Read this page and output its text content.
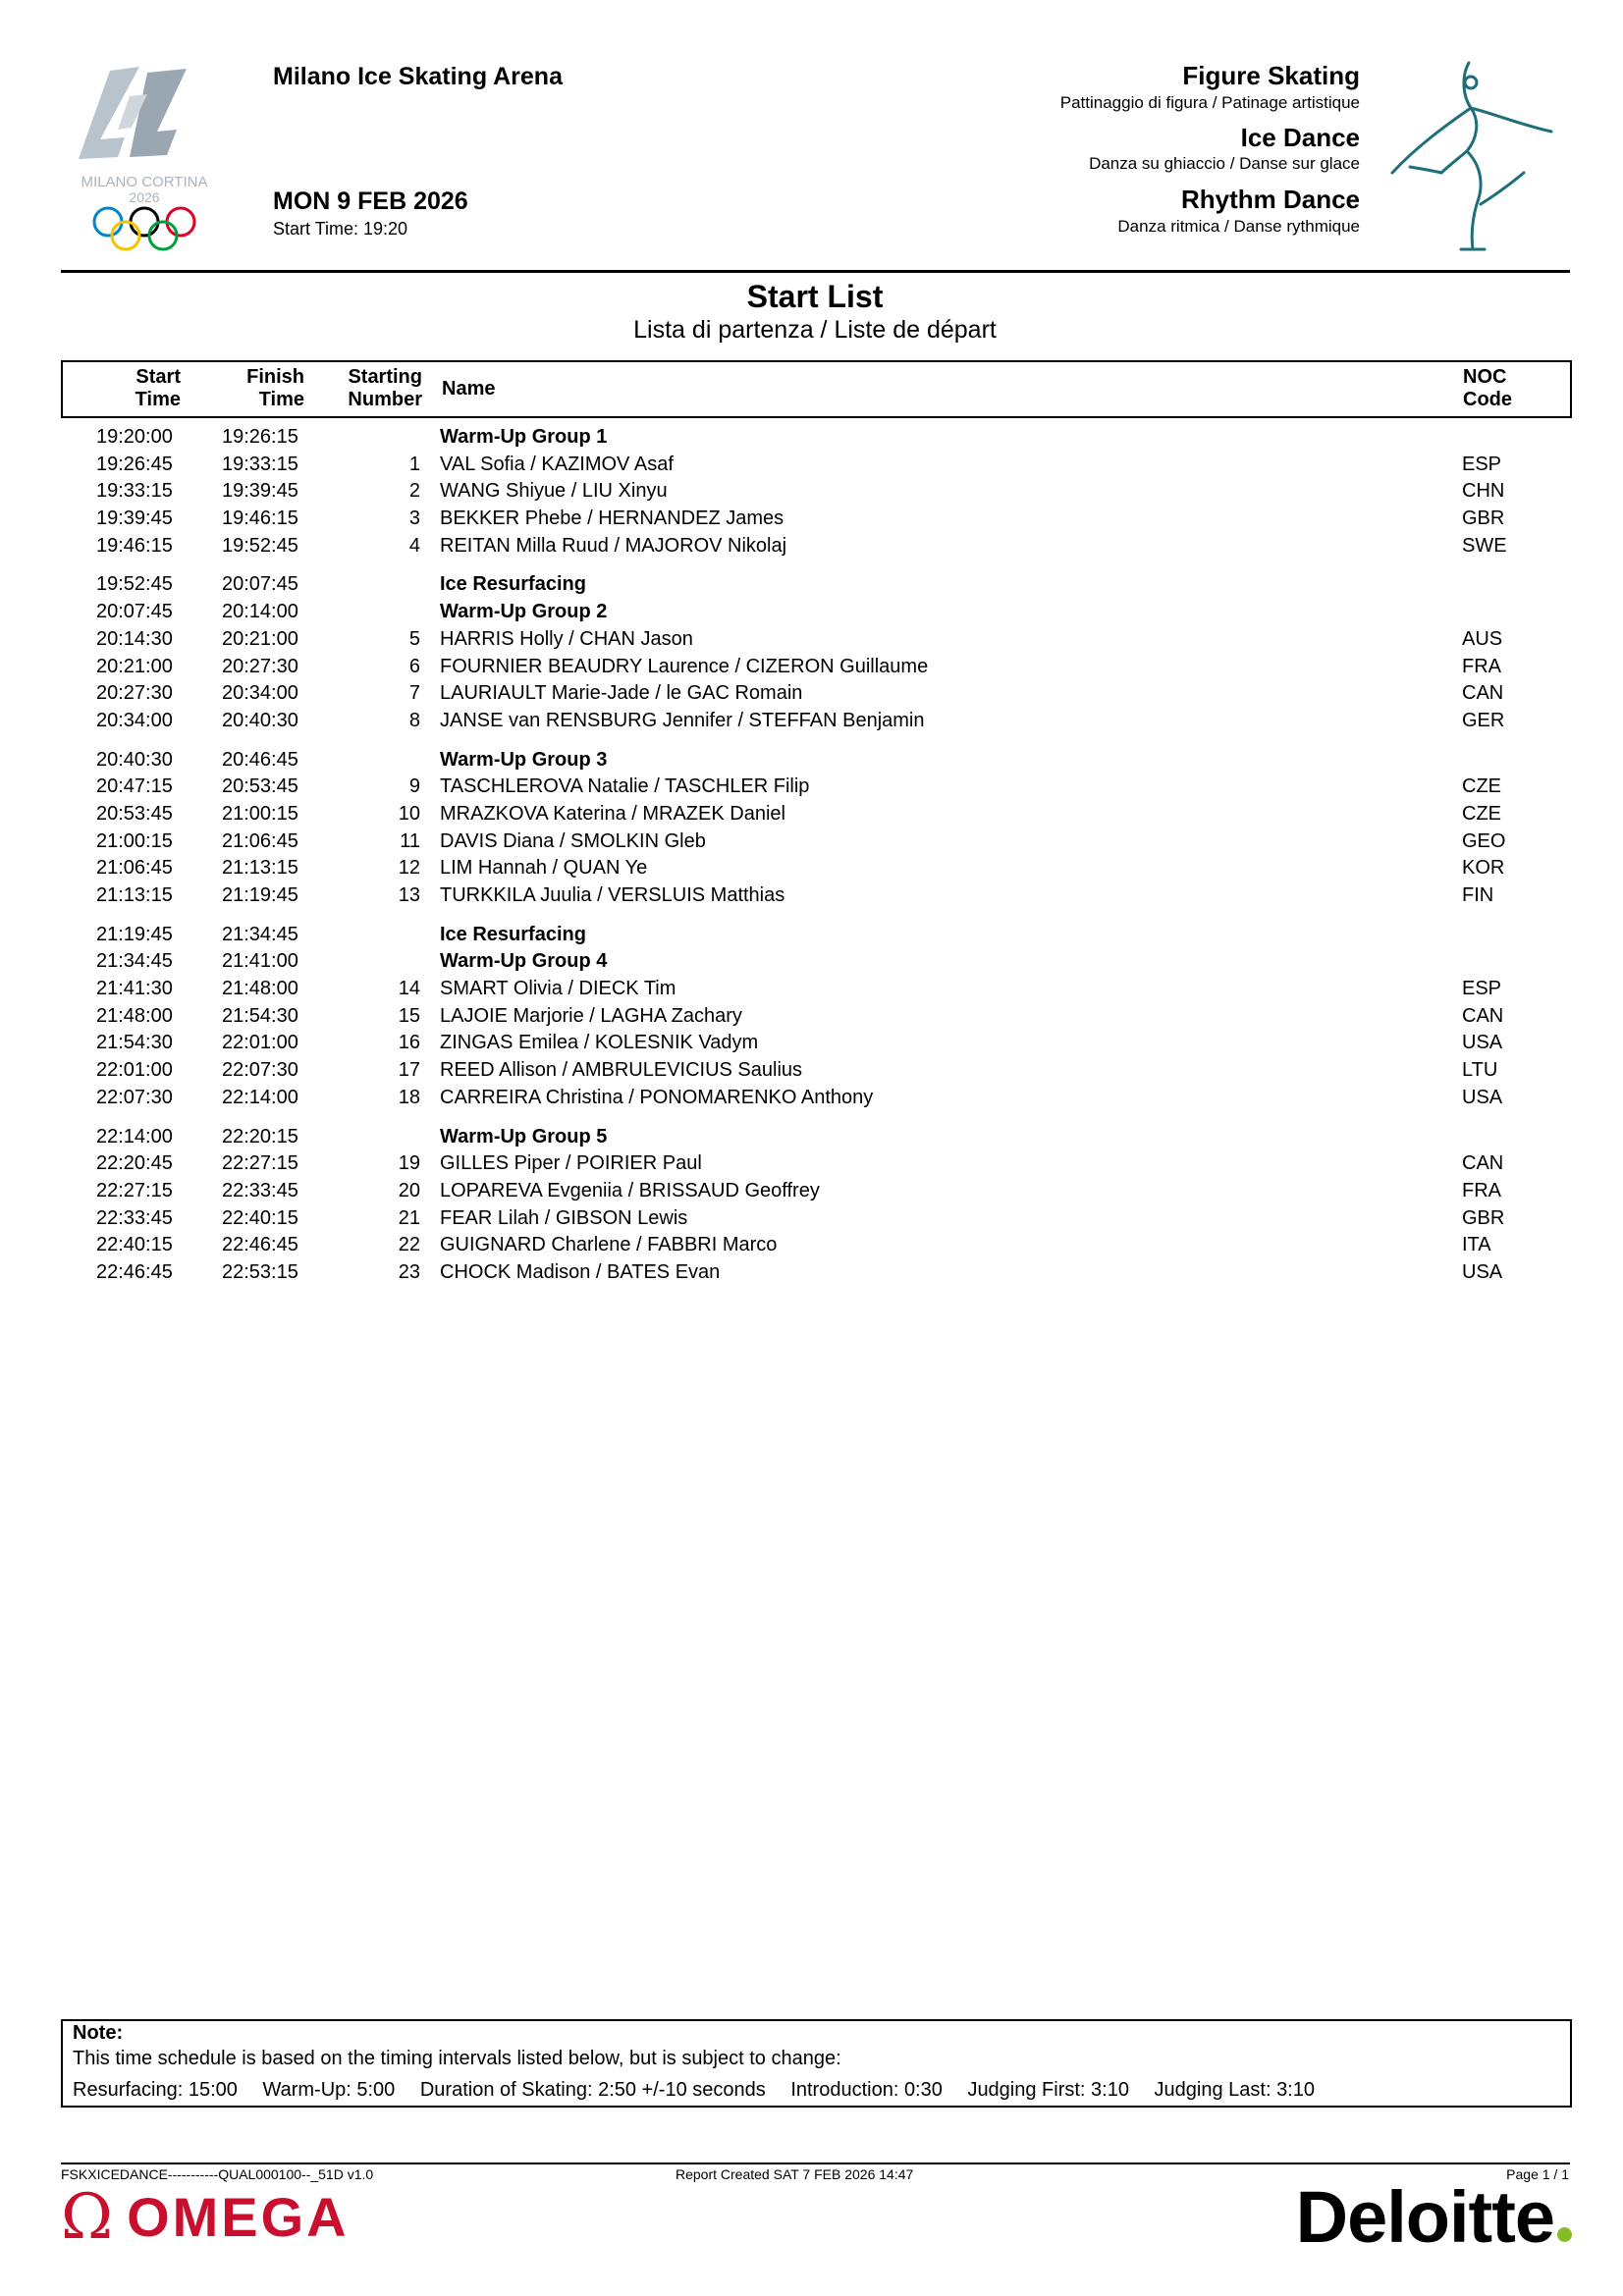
MILANO CORTINA
2026
Milano Ice Skating Arena
MON 9 FEB 2026
Start Time: 19:20
Figure Skating
Pattinaggio di figura / Patinage artistique
Ice Dance
Danza su ghiaccio / Danse sur glace
Rhythm Dance
Danza ritmica / Danse rythmique
Start List
Lista di partenza / Liste de départ
Start
Time
Finish
Time
Starting
Number Name
NOC
Code
19:20:00	19:26:15	Warm-Up Group 1
19:26:45	19:33:15	1 VAL Sofia / KAZIMOV Asaf	ESP
19:33:15	19:39:45	2 WANG Shiyue / LIU Xinyu	CHN
19:39:45	19:46:15	3 BEKKER Phebe / HERNANDEZ James	GBR
19:46:15	19:52:45	4 REITAN Milla Ruud / MAJOROV Nikolaj	SWE
19:52:45	20:07:45	Ice Resurfacing
20:07:45	20:14:00	Warm-Up Group 2
20:14:30	20:21:00	5 HARRIS Holly / CHAN Jason	AUS
20:21:00	20:27:30	6 FOURNIER BEAUDRY Laurence / CIZERON Guillaume	FRA
20:27:30	20:34:00	7 LAURIAULT Marie-Jade / le GAC Romain	CAN
20:34:00	20:40:30	8 JANSE van RENSBURG Jennifer / STEFFAN Benjamin	GER
20:40:30	20:46:45	Warm-Up Group 3
20:47:15	20:53:45	9 TASCHLEROVA Natalie / TASCHLER Filip	CZE
20:53:45	21:00:15	10 MRAZKOVA Katerina / MRAZEK Daniel	CZE
21:00:15	21:06:45	11 DAVIS Diana / SMOLKIN Gleb	GEO
21:06:45	21:13:15	12 LIM Hannah / QUAN Ye	KOR
21:13:15	21:19:45	13 TURKKILA Juulia / VERSLUIS Matthias	FIN
21:19:45	21:34:45	Ice Resurfacing
21:34:45	21:41:00	Warm-Up Group 4
21:41:30	21:48:00	14 SMART Olivia / DIECK Tim	ESP
21:48:00	21:54:30	15 LAJOIE Marjorie / LAGHA Zachary	CAN
21:54:30	22:01:00	16 ZINGAS Emilea / KOLESNIK Vadym	USA
22:01:00	22:07:30	17 REED Allison / AMBRULEVICIUS Saulius	LTU
22:07:30	22:14:00	18 CARREIRA Christina / PONOMARENKO Anthony	USA
22:14:00	22:20:15	Warm-Up Group 5
22:20:45	22:27:15	19 GILLES Piper / POIRIER Paul	CAN
22:27:15	22:33:45	20 LOPAREVA Evgeniia / BRISSAUD Geoffrey	FRA
22:33:45	22:40:15	21 FEAR Lilah / GIBSON Lewis	GBR
22:40:15	22:46:45	22 GUIGNARD Charlene / FABBRI Marco	ITA
22:46:45	22:53:15	23 CHOCK Madison / BATES Evan	USA
Note:
This time schedule is based on the timing intervals listed below, but is subject to change:
Resurfacing: 15:00 Warm-Up: 5:00 Duration of Skating: 2:50 +/-10 seconds Introduction: 0:30 Judging First: 3:10 Judging Last: 3:10
FSKXICEDANCE-----------QUAL000100--_51D v1.0	Report Created SAT 7 FEB 2026 14:47	Page 1 / 1
Ω OMEGA	Deloitte
